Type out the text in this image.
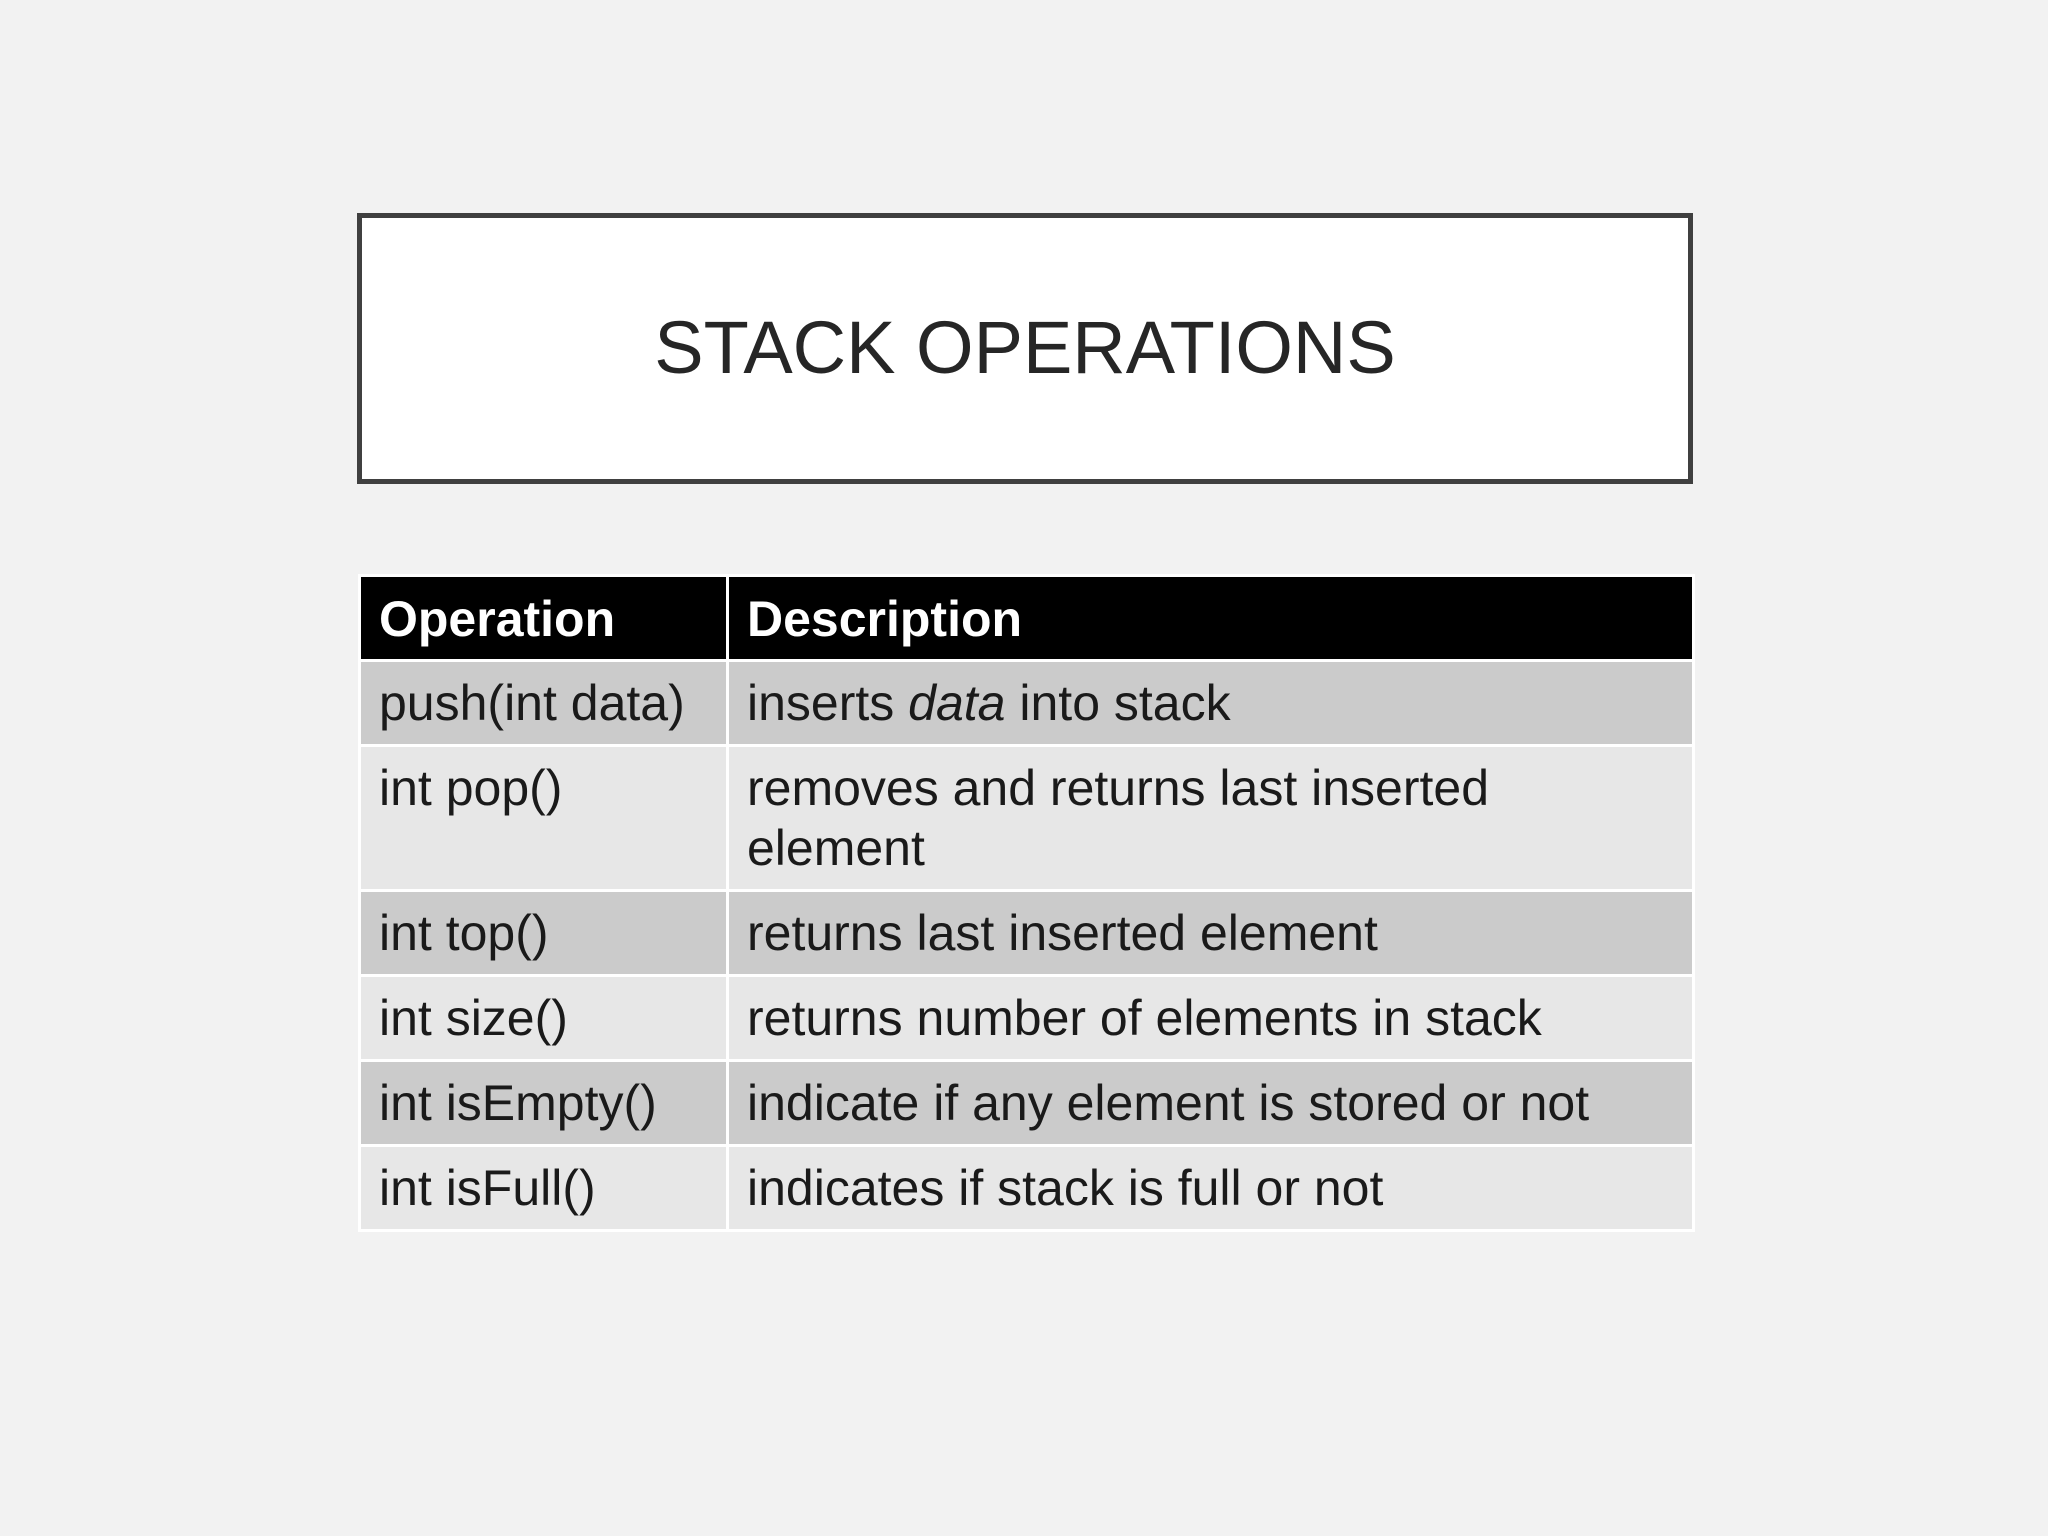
STACK OPERATIONS
Operation	Description
push(int data)	inserts data into stack
int pop()	removes and returns last inserted element
int top()	returns last inserted element
int size()	returns number of elements in stack
int isEmpty()	indicate if any element is stored or not
int isFull()	indicates if stack is full or not
